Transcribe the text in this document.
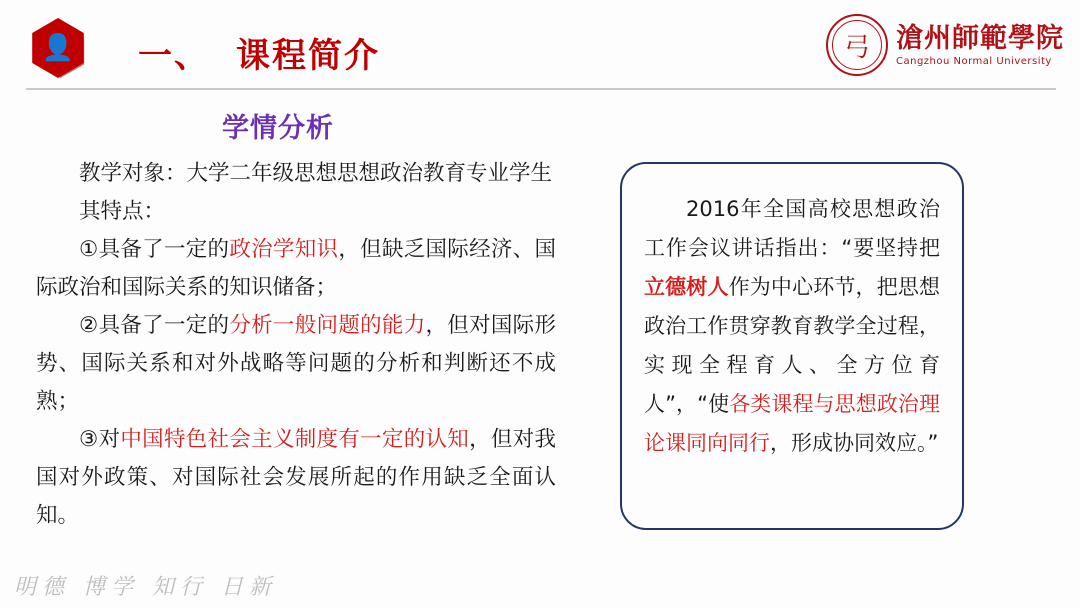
👤	一、 课程简介	弓 滄州師範學院
Cangzhou Normal University
学情分析

教学对象：大学二年级思想思想政治教育专业学生

其特点：

①具备了一定的政治学知识，但缺乏国际经济、国际政治和国际关系的知识储备；

②具备了一定的分析一般问题的能力，但对国际形势、国际关系和对外战略等问题的分析和判断还不成熟；

③对中国特色社会主义制度有一定的认知，但对我国对外政策、对国际社会发展所起的作用缺乏全面认知。

2016年全国高校思想政治工作会议讲话指出：“要坚持把立德树人作为中心环节，把思想政治工作贯穿教育教学全过程，实现全程育人、全方位育人”，“使各类课程与思想政治理论课同向同行，形成协同效应。”

明德 博学 知行 日新
